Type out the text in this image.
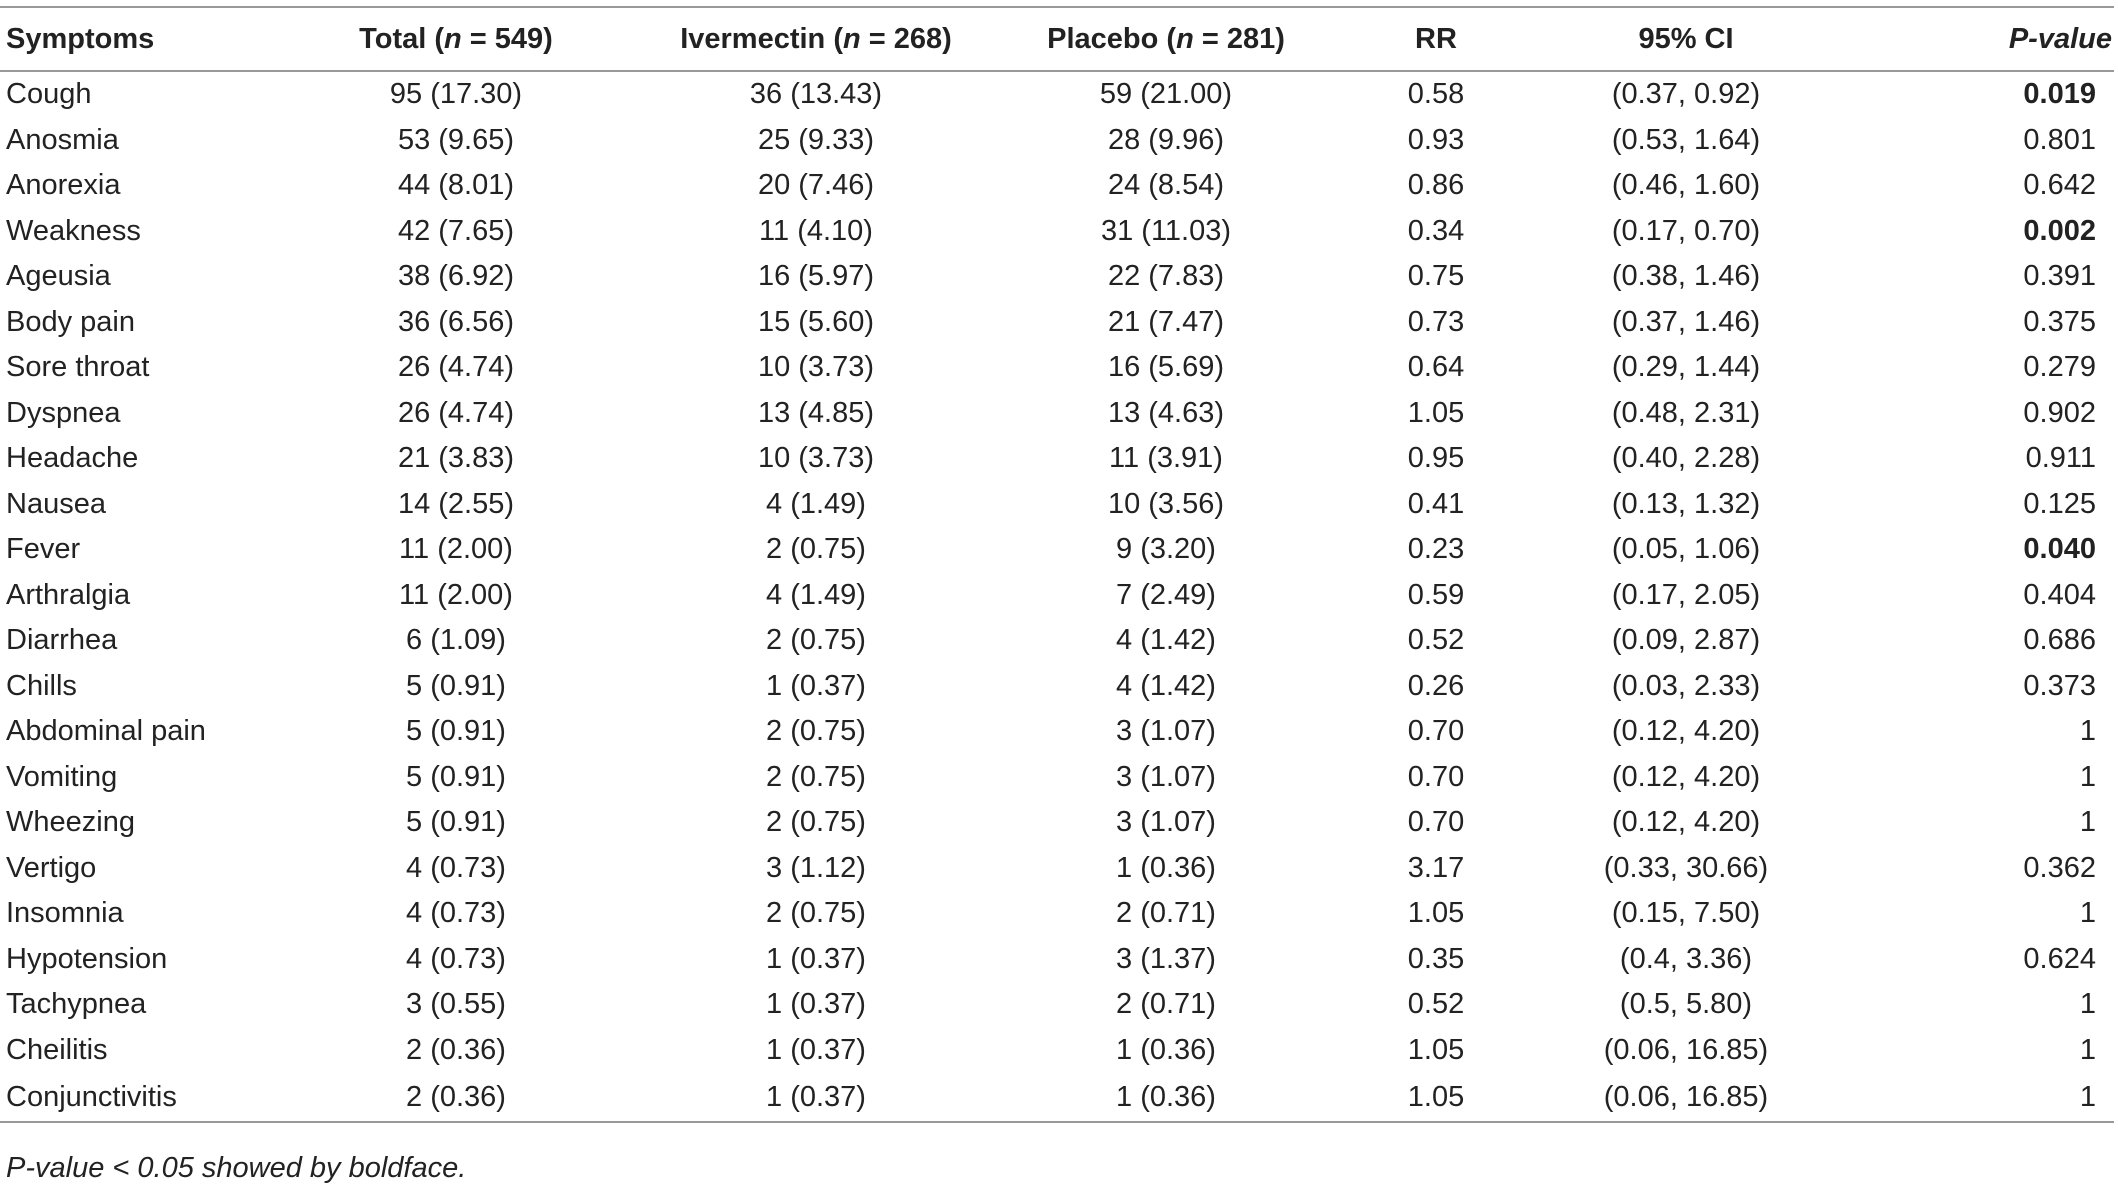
Symptoms	Total (n = 549)	Ivermectin (n = 268)	Placebo (n = 281)	RR	95% CI	P-value
Cough	95 (17.30)	36 (13.43)	59 (21.00)	0.58	(0.37, 0.92)	0.019
Anosmia	53 (9.65)	25 (9.33)	28 (9.96)	0.93	(0.53, 1.64)	0.801
Anorexia	44 (8.01)	20 (7.46)	24 (8.54)	0.86	(0.46, 1.60)	0.642
Weakness	42 (7.65)	11 (4.10)	31 (11.03)	0.34	(0.17, 0.70)	0.002
Ageusia	38 (6.92)	16 (5.97)	22 (7.83)	0.75	(0.38, 1.46)	0.391
Body pain	36 (6.56)	15 (5.60)	21 (7.47)	0.73	(0.37, 1.46)	0.375
Sore throat	26 (4.74)	10 (3.73)	16 (5.69)	0.64	(0.29, 1.44)	0.279
Dyspnea	26 (4.74)	13 (4.85)	13 (4.63)	1.05	(0.48, 2.31)	0.902
Headache	21 (3.83)	10 (3.73)	11 (3.91)	0.95	(0.40, 2.28)	0.911
Nausea	14 (2.55)	4 (1.49)	10 (3.56)	0.41	(0.13, 1.32)	0.125
Fever	11 (2.00)	2 (0.75)	9 (3.20)	0.23	(0.05, 1.06)	0.040
Arthralgia	11 (2.00)	4 (1.49)	7 (2.49)	0.59	(0.17, 2.05)	0.404
Diarrhea	6 (1.09)	2 (0.75)	4 (1.42)	0.52	(0.09, 2.87)	0.686
Chills	5 (0.91)	1 (0.37)	4 (1.42)	0.26	(0.03, 2.33)	0.373
Abdominal pain	5 (0.91)	2 (0.75)	3 (1.07)	0.70	(0.12, 4.20)	1
Vomiting	5 (0.91)	2 (0.75)	3 (1.07)	0.70	(0.12, 4.20)	1
Wheezing	5 (0.91)	2 (0.75)	3 (1.07)	0.70	(0.12, 4.20)	1
Vertigo	4 (0.73)	3 (1.12)	1 (0.36)	3.17	(0.33, 30.66)	0.362
Insomnia	4 (0.73)	2 (0.75)	2 (0.71)	1.05	(0.15, 7.50)	1
Hypotension	4 (0.73)	1 (0.37)	3 (1.37)	0.35	(0.4, 3.36)	0.624
Tachypnea	3 (0.55)	1 (0.37)	2 (0.71)	0.52	(0.5, 5.80)	1
Cheilitis	2 (0.36)	1 (0.37)	1 (0.36)	1.05	(0.06, 16.85)	1
Conjunctivitis	2 (0.36)	1 (0.37)	1 (0.36)	1.05	(0.06, 16.85)	1
P-value < 0.05 showed by boldface.
